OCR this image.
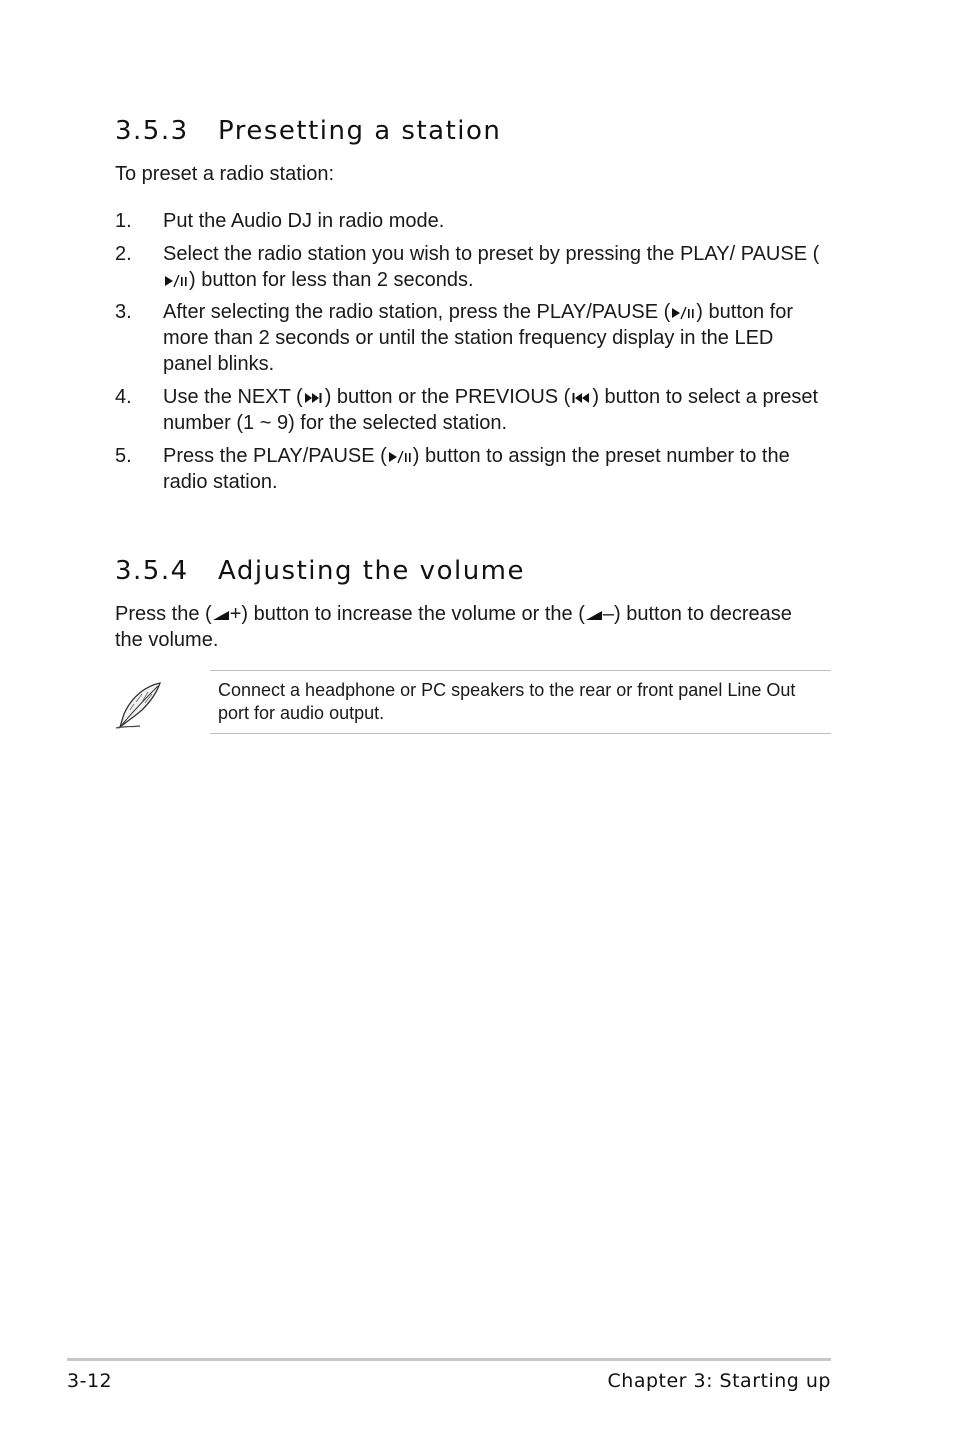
3.5.3 Presetting a station

To preset a radio station:

1. Put the Audio DJ in radio mode.
2. Select the radio station you wish to preset by pressing the PLAY/ PAUSE () button for less than 2 seconds.
3. After selecting the radio station, press the PLAY/PAUSE ( ) button for more than 2 seconds or until the station frequency display in the LED panel blinks.
4. Use the NEXT ( ) button or the PREVIOUS ( ) button to select a preset number (1 ~ 9) for the selected station.
5. Press the PLAY/PAUSE ( ) button to assign the preset number to the radio station.
3.5.4 Adjusting the volume

Press the ( +) button to increase the volume or the ( –) button to decrease the volume.

Connect a headphone or PC speakers to the rear or front panel Line Out port for audio output.
3-12	Chapter 3: Starting up
